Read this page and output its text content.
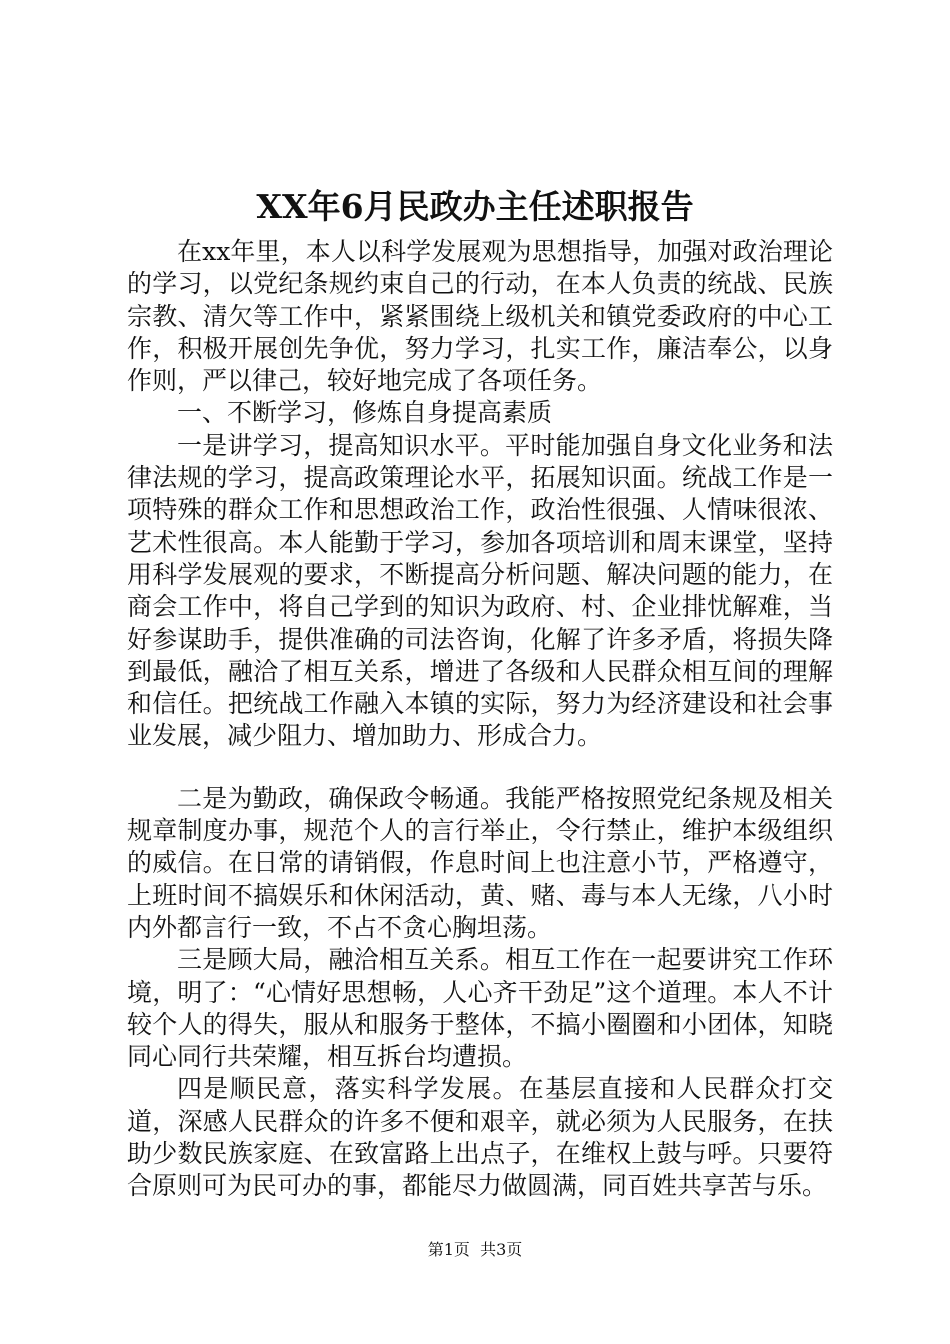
XX年6月民政办主任述职报告

在xx年里，本人以科学发展观为思想指导，加强对政治理论的学习，以党纪条规约束自己的行动，在本人负责的统战、民族宗教、清欠等工作中，紧紧围绕上级机关和镇党委政府的中心工作，积极开展创先争优，努力学习，扎实工作，廉洁奉公，以身作则，严以律己，较好地完成了各项任务。

一、不断学习，修炼自身提高素质

一是讲学习，提高知识水平。平时能加强自身文化业务和法律法规的学习，提高政策理论水平，拓展知识面。统战工作是一项特殊的群众工作和思想政治工作，政治性很强、人情味很浓、艺术性很高。本人能勤于学习，参加各项培训和周末课堂，坚持用科学发展观的要求，不断提高分析问题、解决问题的能力，在商会工作中，将自己学到的知识为政府、村、企业排忧解难，当好参谋助手，提供准确的司法咨询，化解了许多矛盾，将损失降到最低，融洽了相互关系，增进了各级和人民群众相互间的理解和信任。把统战工作融入本镇的实际，努力为经济建设和社会事业发展，减少阻力、增加助力、形成合力。

二是为勤政，确保政令畅通。我能严格按照党纪条规及相关规章制度办事，规范个人的言行举止，令行禁止，维护本级组织的威信。在日常的请销假，作息时间上也注意小节，严格遵守，上班时间不搞娱乐和休闲活动，黄、赌、毒与本人无缘，八小时内外都言行一致，不占不贪心胸坦荡。

三是顾大局，融洽相互关系。相互工作在一起要讲究工作环境，明了：“心情好思想畅，人心齐干劲足”这个道理。本人不计较个人的得失，服从和服务于整体，不搞小圈圈和小团体，知晓同心同行共荣耀，相互拆台均遭损。

四是顺民意，落实科学发展。在基层直接和人民群众打交道，深感人民群众的许多不便和艰辛，就必须为人民服务，在扶助少数民族家庭、在致富路上出点子，在维权上鼓与呼。只要符合原则可为民可办的事，都能尽力做圆满，同百姓共享苦与乐。

第1页 共3页
